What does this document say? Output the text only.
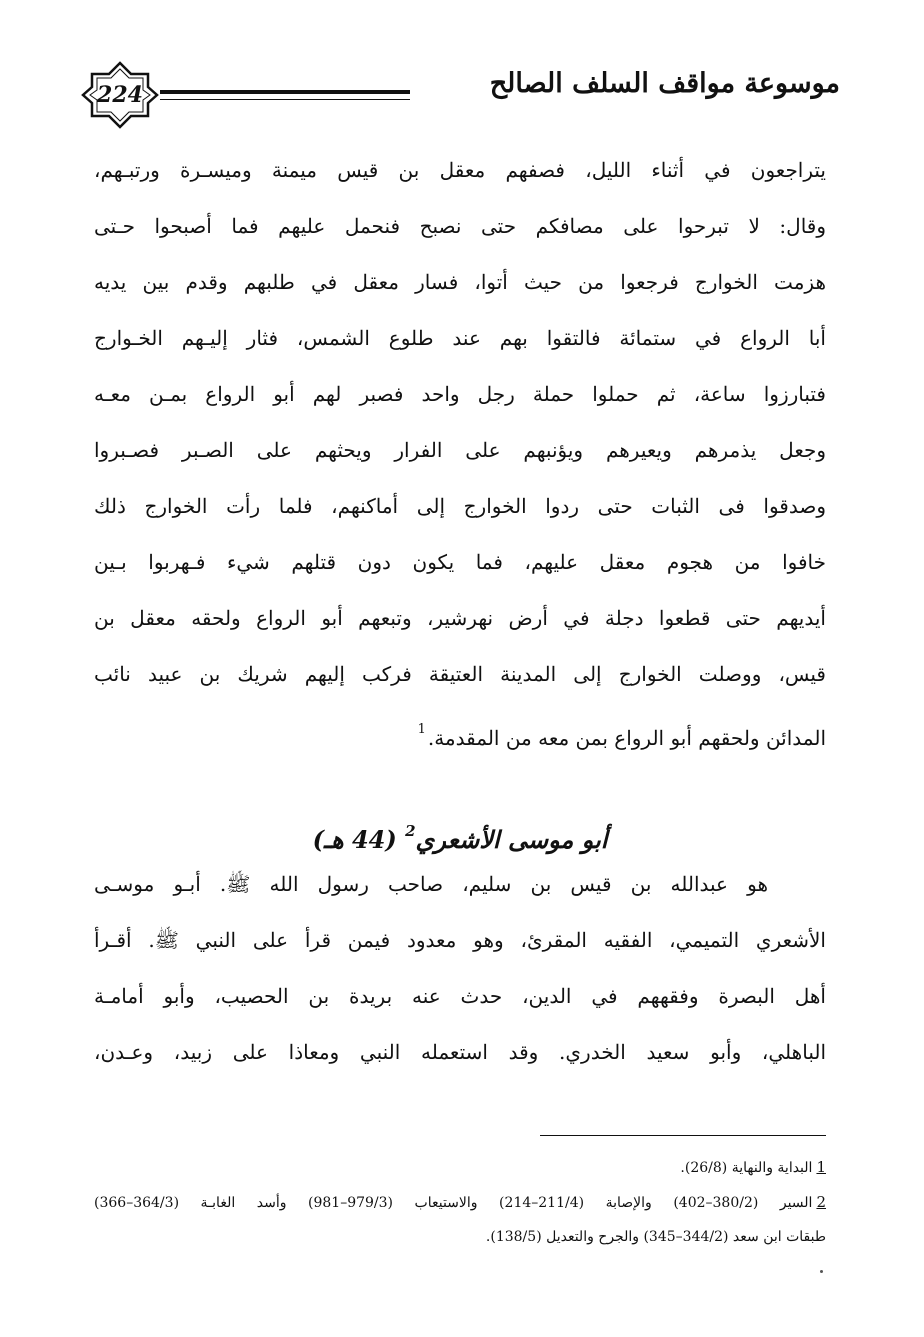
224	موسوعة مواقف السلف الصالح
يتراجعون في أثناء الليل، فصفهم معقل بن قيس ميمنة وميسـرة ورتبـهم،
وقال: لا تبرحوا على مصافكم حتى نصبح فنحمل عليهم فما أصبحوا حـتى
هزمت الخوارج فرجعوا من حيث أتوا، فسار معقل في طلبهم وقدم بين يديه
أبا الرواع في ستمائة فالتقوا بهم عند طلوع الشمس، فثار إليـهم الخـوارج
فتبارزوا ساعة، ثم حملوا حملة رجل واحد فصبر لهم أبو الرواع بمـن معـه
وجعل يذمرهم ويعيرهم ويؤنبهم على الفرار ويحثهم على الصـبر فصـبروا
وصدقوا فى الثبات حتى ردوا الخوارج إلى أماكنهم، فلما رأت الخوارج ذلك
خافوا من هجوم معقل عليهم، فما يكون دون قتلهم شيء فـهربوا بـين
أيديهم حتى قطعوا دجلة في أرض نهرشير، وتبعهم أبو الرواع ولحقه معقل بن
قيس، ووصلت الخوارج إلى المدينة العتيقة فركب إليهم شريك بن عبيد نائب
المدائن ولحقهم أبو الرواع بمن معه من المقدمة.$^1$
أبو موسى الأشعري$^2$ (44 هـ)
هو عبدالله بن قيس بن سليم، صاحب رسول الله ﷺ. أبـو موسـى
الأشعري التميمي، الفقيه المقرئ، وهو معدود فيمن قرأ على النبي ﷺ. أقـرأ
أهل البصرة وفقههم في الدين، حدث عنه بريدة بن الحصيب، وأبو أمامـة
الباهلي، وأبو سعيد الخدري. وقد استعمله النبي ومعاذا على زبيد، وعـدن،
1البداية والنهاية (26/8).
2السير (380/2–402) والإصابة (211/4–214) والاستيعاب (979/3–981) وأسد الغابـة (364/3–366)
طبقات ابن سعد (344/2–345) والجرح والتعديل (138/5).
